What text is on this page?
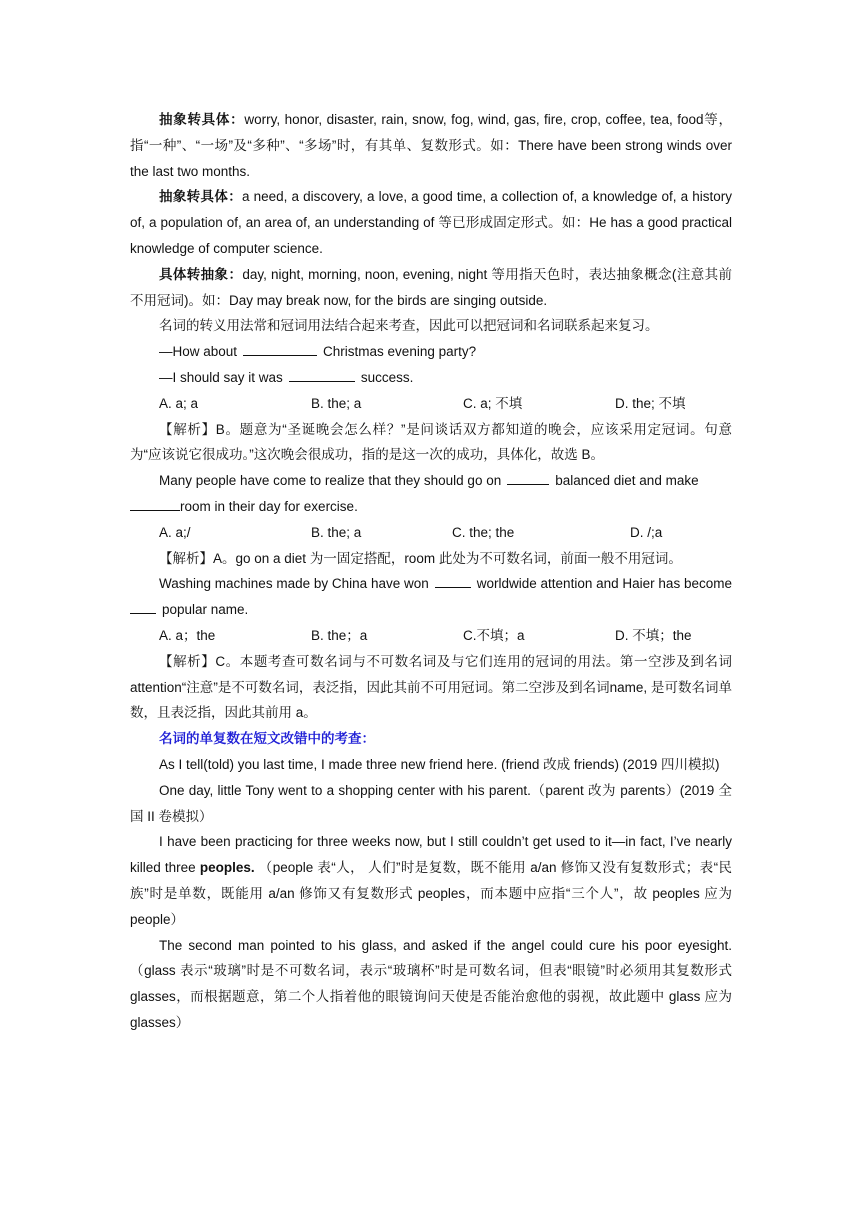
抽象转具体：worry, honor, disaster, rain, snow, fog, wind, gas, fire, crop, coffee, tea, food等，指“一种”、“一场”及“多种”、“多场”时，有其单、复数形式。如：There have been strong winds over the last two months.

抽象转具体：a need, a discovery, a love, a good time, a collection of, a knowledge of, a history of, a population of, an area of, an understanding of 等已形成固定形式。如：He has a good practical knowledge of computer science.

具体转抽象：day, night, morning, noon, evening, night 等用指天色时，表达抽象概念(注意其前不用冠词)。如：Day may break now, for the birds are singing outside.

名词的转义用法常和冠词用法结合起来考查，因此可以把冠词和名词联系起来复习。

—How about	Christmas evening party?

—I should say it was	success.

A. a; a	B. the; a	C. a; 不填	D. the; 不填

【解析】B。题意为“圣诞晚会怎么样？”是问谈话双方都知道的晚会，应该采用定冠词。句意为“应该说它很成功。”这次晚会很成功，指的是这一次的成功，具体化，故选 B。

Many people have come to realize that they should go on	balanced diet and make
room in their day for exercise.

A. a;/	B. the; a	C. the; the	D. /;a

【解析】A。go on a diet 为一固定搭配，room 此处为不可数名词，前面一般不用冠词。

Washing machines made by China have won	worldwide attention and Haier has becomepopular name.

A. a；the	B. the；a	C.不填；a	D. 不填；the

【解析】C。本题考查可数名词与不可数名词及与它们连用的冠词的用法。第一空涉及到名词 attention“注意”是不可数名词，表泛指，因此其前不可用冠词。第二空涉及到名词name, 是可数名词单数，且表泛指，因此其前用 a。

名词的单复数在短文改错中的考查：

As I tell(told) you last time, I made three new friend here. (friend 改成 friends) (2019 四川模拟)

One day, little Tony went to a shopping center with his parent.（parent 改为 parents）(2019 全国 II 卷模拟）

I have been practicing for three weeks now, but I still couldn’t get used to it—in fact, I’ve nearly killed three peoples. （people 表“人， 人们”时是复数，既不能用 a/an 修饰又没有复数形式；表“民族”时是单数，既能用 a/an 修饰又有复数形式 peoples，而本题中应指“三个人”，故 peoples 应为 people）

The second man pointed to his glass, and asked if the angel could cure his poor eyesight.（glass 表示“玻璃”时是不可数名词，表示“玻璃杯”时是可数名词，但表“眼镜”时必须用其复数形式 glasses，而根据题意，第二个人指着他的眼镜询问天使是否能治愈他的弱视，故此题中 glass 应为 glasses）
